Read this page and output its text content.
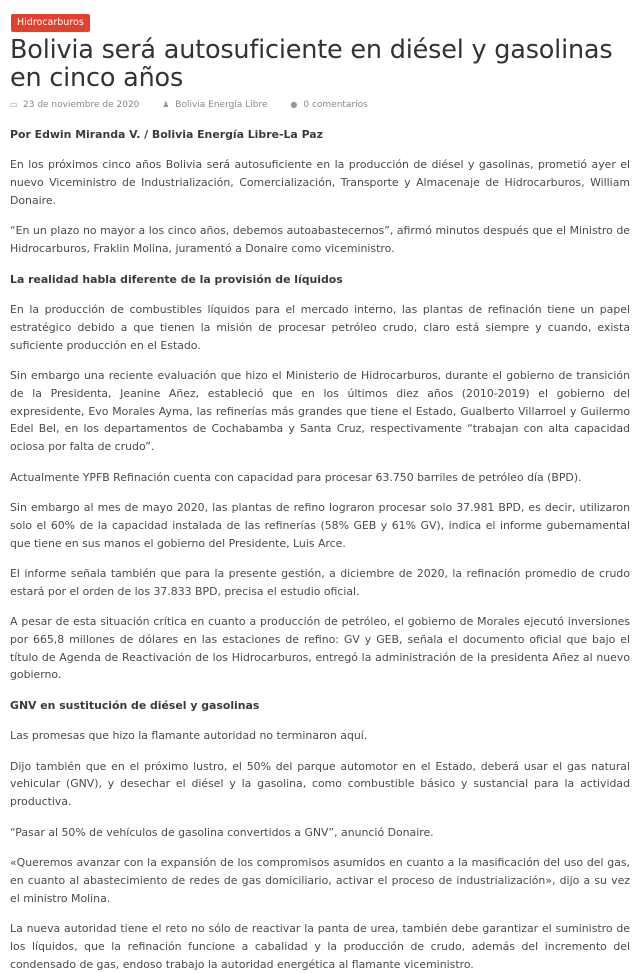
Hidrocarburos
Bolivia será autosuficiente en diésel y gasolinas en cinco años
▭ 23 de noviembre de 2020	♟ Bolivia Energía Libre	● 0 comentarios

Por Edwin Miranda V. / Bolivia Energía Libre-La Paz

En los próximos cinco años Bolivia será autosuficiente en la producción de diésel y gasolinas, prometió ayer el nuevo Viceministro de Industrialización, Comercialización, Transporte y Almacenaje de Hidrocarburos, William Donaire.

“En un plazo no mayor a los cinco años, debemos autoabastecernos”, afirmó minutos después que el Ministro de Hidrocarburos, Fraklin Molina, juramentó a Donaire como viceministro.

La realidad habla diferente de la provisión de líquidos

En la producción de combustibles líquidos para el mercado interno, las plantas de refinación tiene un papel estratégico debido a que tienen la misión de procesar petróleo crudo, claro está siempre y cuando, exista suficiente producción en el Estado.

Sin embargo una reciente evaluación que hizo el Ministerio de Hidrocarburos, durante el gobierno de transición de la Presidenta, Jeanine Añez, estableció que en los últimos diez años (2010-2019) el gobierno del expresidente, Evo Morales Ayma, las refinerías más grandes que tiene el Estado, Gualberto Villarroel y Guilermo Edel Bel, en los departamentos de Cochabamba y Santa Cruz, respectivamente “trabajan con alta capacidad ociosa por falta de crudo”.

Actualmente YPFB Refinación cuenta con capacidad para procesar 63.750 barriles de petróleo día (BPD).

Sin embargo al mes de mayo 2020, las plantas de refino lograron procesar solo 37.981 BPD, es decir, utilizaron solo el 60% de la capacidad instalada de las refinerías (58% GEB y 61% GV), indica el informe gubernamental que tiene en sus manos el gobierno del Presidente, Luis Arce.

El informe señala también que para la presente gestión, a diciembre de 2020, la refinación promedio de crudo estará por el orden de los 37.833 BPD, precisa el estudio oficial.

A pesar de esta situación crítica en cuanto a producción de petróleo, el gobierno de Morales ejecutó inversiones por 665,8 millones de dólares en las estaciones de refino: GV y GEB, señala el documento oficial que bajo el título de Agenda de Reactivación de los Hidrocarburos, entregó la administración de la presidenta Añez al nuevo gobierno.

GNV en sustitución de diésel y gasolinas

Las promesas que hizo la flamante autoridad no terminaron aquí.

Dijo también que en el próximo lustro, el 50% del parque automotor en el Estado, deberá usar el gas natural vehicular (GNV), y desechar el diésel y la gasolina, como combustible básico y sustancial para la actividad productiva.

“Pasar al 50% de vehículos de gasolina convertidos a GNV”, anunció Donaire.

«Queremos avanzar con la expansión de los compromisos asumidos en cuanto a la masificación del uso del gas, en cuanto al abastecimiento de redes de gas domiciliario, activar el proceso de industrialización», dijo a su vez el ministro Molina.

La nueva autoridad tiene el reto no sólo de reactivar la panta de urea, también debe garantizar el suministro de los líquidos, que la refinación funcione a cabalidad y la producción de crudo, además del incremento del condensado de gas, endoso trabajo la autoridad energética al flamante viceministro.
